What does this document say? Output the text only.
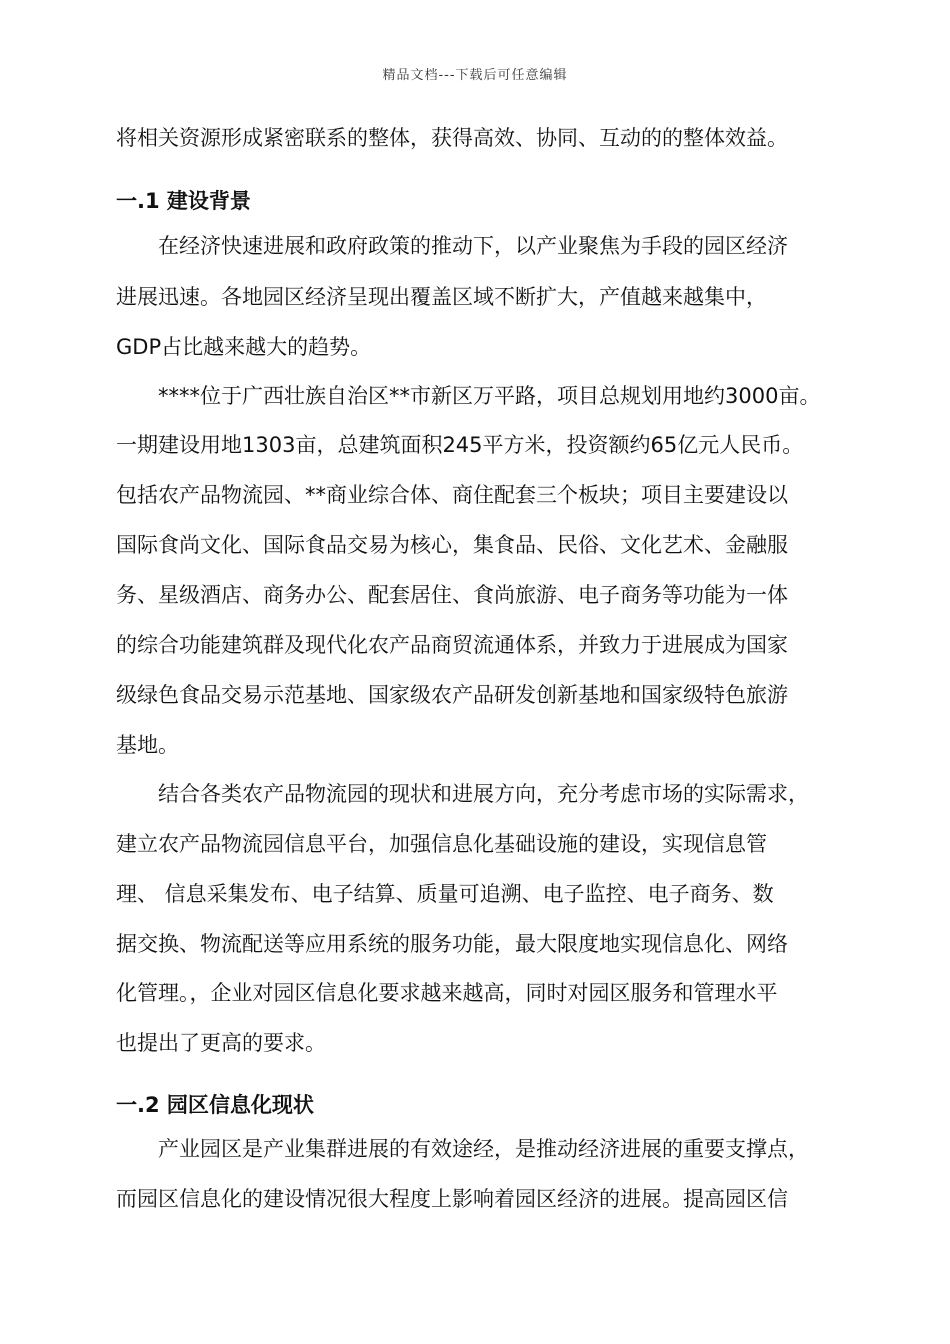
精品文档---下载后可任意编辑
将相关资源形成紧密联系的整体，获得高效、协同、互动的的整体效益。
一.1 建设背景
在经济快速进展和政府政策的推动下，以产业聚焦为手段的园区经济
进展迅速。各地园区经济呈现出覆盖区域不断扩大，产值越来越集中，
GDP占比越来越大的趋势。
****位于广西壮族自治区**市新区万平路，项目总规划用地约3000亩。
一期建设用地1303亩，总建筑面积245平方米，投资额约65亿元人民币。
包括农产品物流园、**商业综合体、商住配套三个板块；项目主要建设以
国际食尚文化、国际食品交易为核心，集食品、民俗、文化艺术、金融服
务、星级酒店、商务办公、配套居住、食尚旅游、电子商务等功能为一体
的综合功能建筑群及现代化农产品商贸流通体系，并致力于进展成为国家
级绿色食品交易示范基地、国家级农产品研发创新基地和国家级特色旅游
基地。
结合各类农产品物流园的现状和进展方向，充分考虑市场的实际需求，
建立农产品物流园信息平台，加强信息化基础设施的建设，实现信息管
理、 信息采集发布、电子结算、质量可追溯、电子监控、电子商务、数
据交换、物流配送等应用系统的服务功能，最大限度地实现信息化、网络
化管理。，企业对园区信息化要求越来越高，同时对园区服务和管理水平
也提出了更高的要求。
一.2 园区信息化现状
产业园区是产业集群进展的有效途经，是推动经济进展的重要支撑点，
而园区信息化的建设情况很大程度上影响着园区经济的进展。提高园区信
